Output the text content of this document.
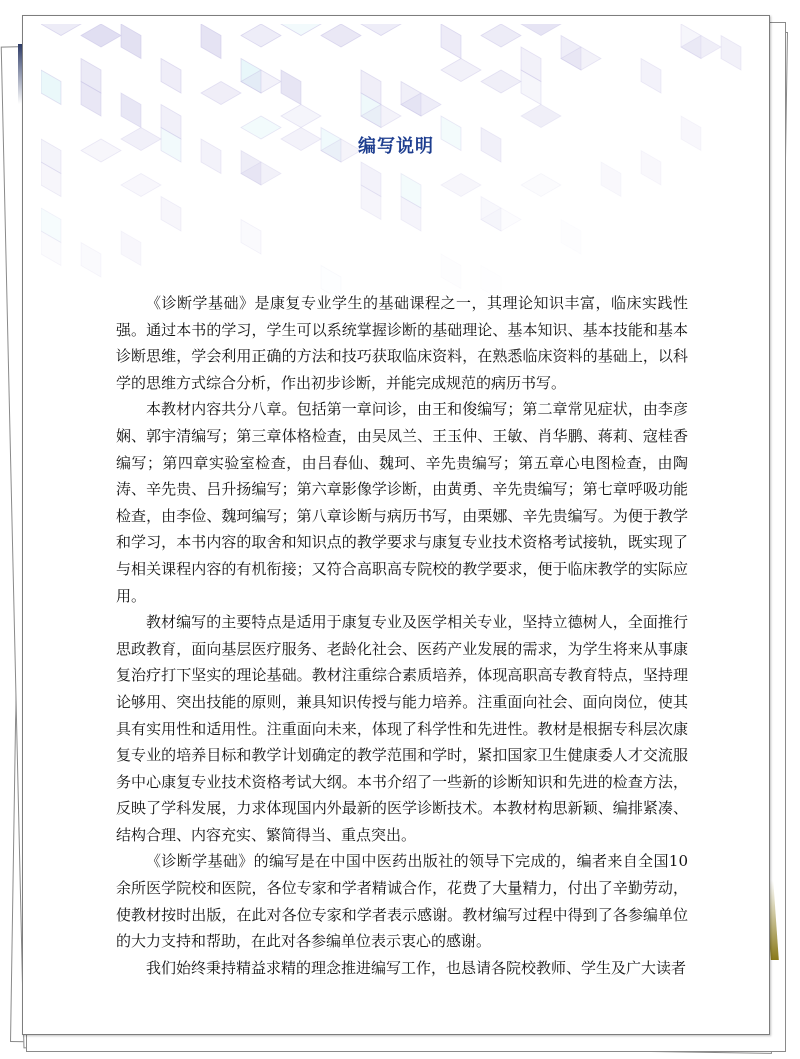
编写说明

《诊断学基础》是康复专业学生的基础课程之一，其理论知识丰富，临床实践性强。通过本书的学习，学生可以系统掌握诊断的基础理论、基本知识、基本技能和基本诊断思维，学会利用正确的方法和技巧获取临床资料，在熟悉临床资料的基础上，以科学的思维方式综合分析，作出初步诊断，并能完成规范的病历书写。

本教材内容共分八章。包括第一章问诊，由王和俊编写；第二章常见症状，由李彦娴、郭宇清编写；第三章体格检查，由吴凤兰、王玉仲、王敏、肖华鹏、蒋莉、寇桂香编写；第四章实验室检查，由吕春仙、魏珂、辛先贵编写；第五章心电图检查，由陶涛、辛先贵、吕升扬编写；第六章影像学诊断，由黄勇、辛先贵编写；第七章呼吸功能检查，由李俭、魏珂编写；第八章诊断与病历书写，由栗娜、辛先贵编写。为便于教学和学习，本书内容的取舍和知识点的教学要求与康复专业技术资格考试接轨，既实现了与相关课程内容的有机衔接；又符合高职高专院校的教学要求，便于临床教学的实际应用。

教材编写的主要特点是适用于康复专业及医学相关专业，坚持立德树人，全面推行思政教育，面向基层医疗服务、老龄化社会、医药产业发展的需求，为学生将来从事康复治疗打下坚实的理论基础。教材注重综合素质培养，体现高职高专教育特点，坚持理论够用、突出技能的原则，兼具知识传授与能力培养。注重面向社会、面向岗位，使其具有实用性和适用性。注重面向未来，体现了科学性和先进性。教材是根据专科层次康复专业的培养目标和教学计划确定的教学范围和学时，紧扣国家卫生健康委人才交流服务中心康复专业技术资格考试大纲。本书介绍了一些新的诊断知识和先进的检查方法，反映了学科发展，力求体现国内外最新的医学诊断技术。本教材构思新颖、编排紧凑、结构合理、内容充实、繁简得当、重点突出。

《诊断学基础》的编写是在中国中医药出版社的领导下完成的，编者来自全国10余所医学院校和医院，各位专家和学者精诚合作，花费了大量精力，付出了辛勤劳动，使教材按时出版，在此对各位专家和学者表示感谢。教材编写过程中得到了各参编单位的大力支持和帮助，在此对各参编单位表示衷心的感谢。

我们始终秉持精益求精的理念推进编写工作，也恳请各院校教师、学生及广大读者
